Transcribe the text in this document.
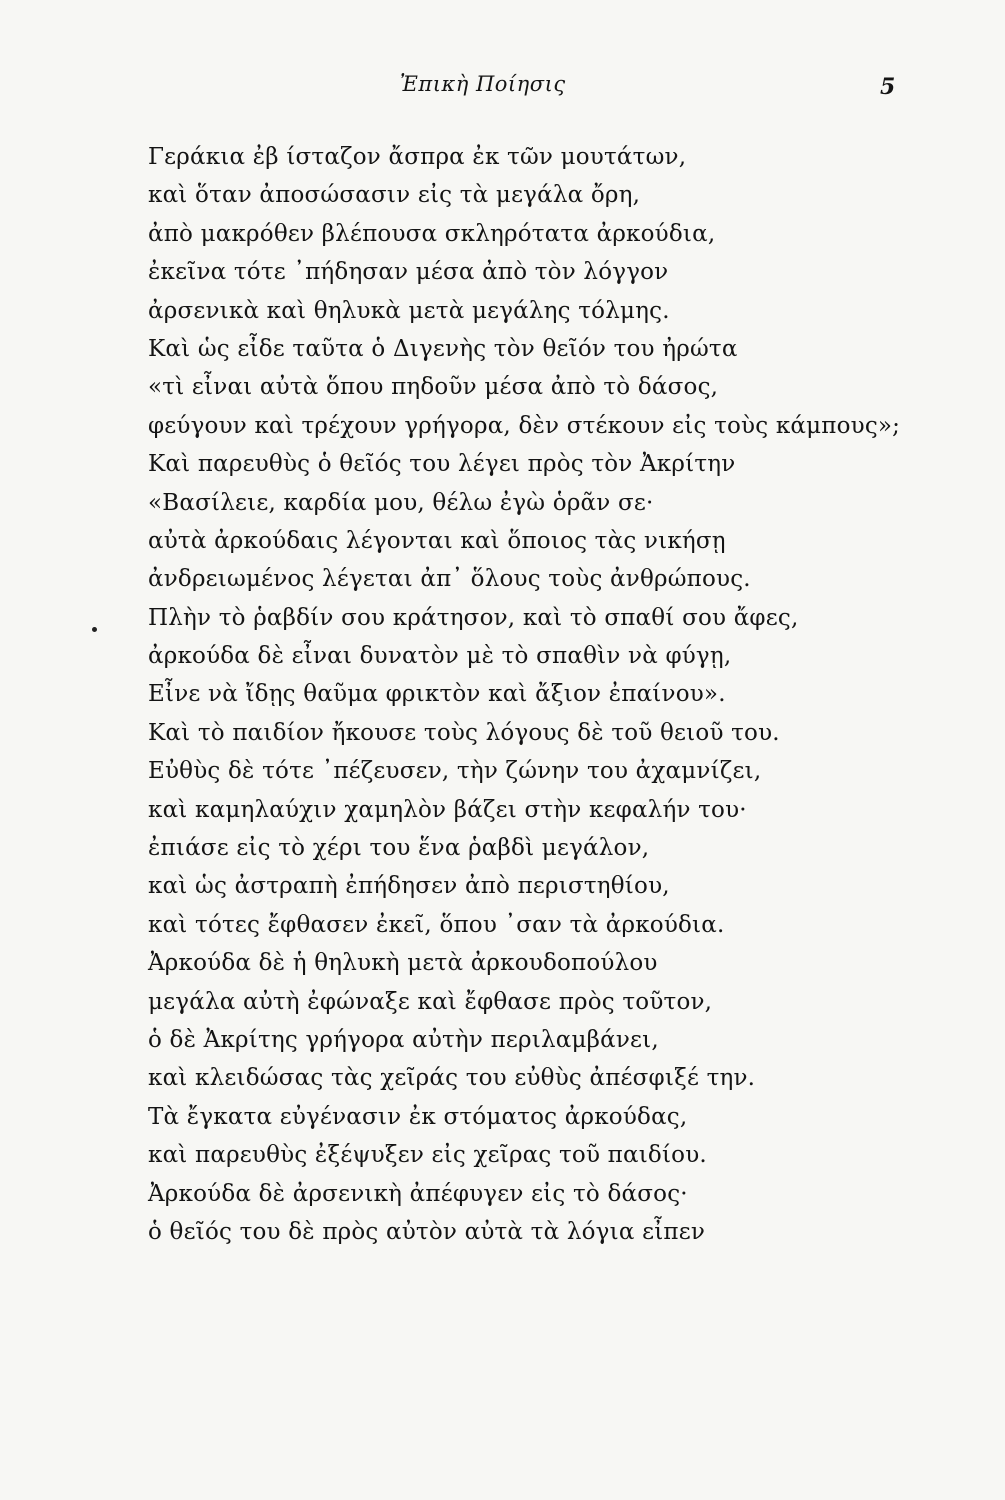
Ἐπικὴ Ποίησις	5
Γεράκια ἐβ ίσταζον ἄσπρα ἐκ τῶν μουτάτων,
καὶ ὅταν ἀποσώσασιν εἰς τὰ μεγάλα ὄρη,
ἀπὸ μακρόθεν βλέπουσα σκληρότατα ἀρκούδια,
ἐκεῖνα τότε ᾿πήδησαν μέσα ἀπὸ τὸν λόγγον
ἀρσενικὰ καὶ θηλυκὰ μετὰ μεγάλης τόλμης.
Καὶ ὡς εἶδε ταῦτα ὁ Διγενὴς τὸν θεῖόν του ἠρώτα
«τὶ εἶναι αὐτὰ ὅπου πηδοῦν μέσα ἀπὸ τὸ δάσος,
φεύγουν καὶ τρέχουν γρήγορα, δὲν στέκουν εἰς τοὺς κάμπους»;
Καὶ παρευθὺς ὁ θεῖός του λέγει πρὸς τὸν Ἀκρίτην
«Βασίλειε, καρδία μου, θέλω ἐγὼ ὁρᾶν σε·
αὐτὰ ἀρκούδαις λέγονται καὶ ὅποιος τὰς νικήσῃ
ἀνδρειωμένος λέγεται ἀπ᾿ ὅλους τοὺς ἀνθρώπους.
Πλὴν τὸ ῥαβδίν σου κράτησον, καὶ τὸ σπαθί σου ἄφες,
ἀρκούδα δὲ εἶναι δυνατὸν μὲ τὸ σπαθὶν νὰ φύγῃ,
Εἶνε νὰ ἴδῃς θαῦμα φρικτὸν καὶ ἄξιον ἐπαίνου».
Καὶ τὸ παιδίον ἤκουσε τοὺς λόγους δὲ τοῦ θειοῦ του.
Εὐθὺς δὲ τότε ᾿πέζευσεν, τὴν ζώνην του ἀχαμνίζει,
καὶ καμηλαύχιν χαμηλὸν βάζει στὴν κεφαλήν του·
ἐπιάσε εἰς τὸ χέρι του ἕνα ῥαβδὶ μεγάλον,
καὶ ὡς ἀστραπὴ ἐπήδησεν ἀπὸ περιστηθίου,
καὶ τότες ἔφθασεν ἐκεῖ, ὅπου ᾿σαν τὰ ἀρκούδια.
Ἀρκούδα δὲ ἡ θηλυκὴ μετὰ ἀρκουδοπούλου
μεγάλα αὐτὴ ἐφώναξε καὶ ἔφθασε πρὸς τοῦτον,
ὁ δὲ Ἀκρίτης γρήγορα αὐτὴν περιλαμβάνει,
καὶ κλειδώσας τὰς χεῖράς του εὐθὺς ἀπέσφιξέ την.
Τὰ ἔγκατα εὐγένασιν ἐκ στόματος ἀρκούδας,
καὶ παρευθὺς ἐξέψυξεν εἰς χεῖρας τοῦ παιδίου.
Ἀρκούδα δὲ ἀρσενικὴ ἀπέφυγεν εἰς τὸ δάσος·
ὁ θεῖός του δὲ πρὸς αὐτὸν αὐτὰ τὰ λόγια εἶπεν
